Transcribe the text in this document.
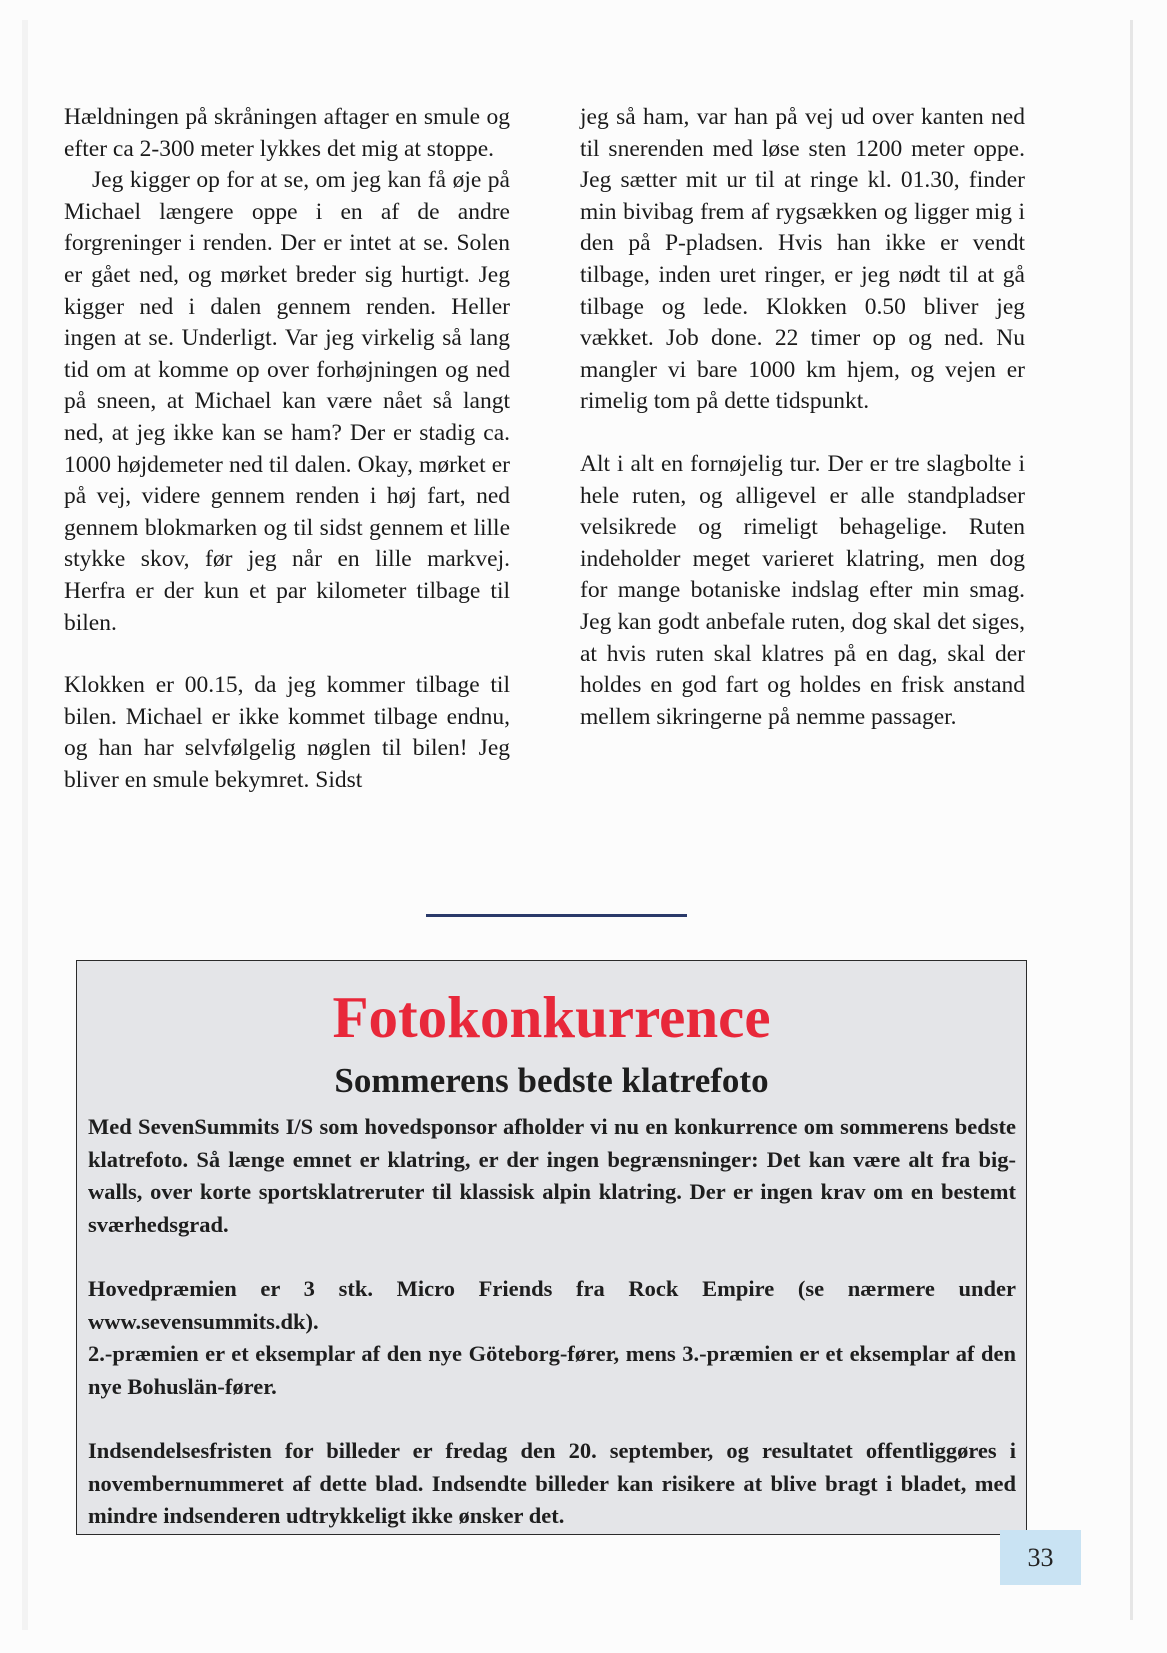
Hældningen på skråningen aftager en smule og efter ca 2-300 meter lykkes det mig at stoppe.

Jeg kigger op for at se, om jeg kan få øje på Michael længere oppe i en af de andre forgreninger i renden. Der er intet at se. Solen er gået ned, og mørket breder sig hurtigt. Jeg kigger ned i dalen gennem renden. Heller ingen at se. Underligt. Var jeg virkelig så lang tid om at komme op over forhøjningen og ned på sneen, at Michael kan være nået så langt ned, at jeg ikke kan se ham? Der er stadig ca. 1000 højdemeter ned til dalen. Okay, mørket er på vej, videre gennem renden i høj fart, ned gennem blokmarken og til sidst gennem et lille stykke skov, før jeg når en lille markvej. Herfra er der kun et par kilometer tilbage til bilen.

Klokken er 00.15, da jeg kommer tilbage til bilen. Michael er ikke kommet tilbage endnu, og han har selvfølgelig nøglen til bilen! Jeg bliver en smule bekymret. Sidst

jeg så ham, var han på vej ud over kanten ned til snerenden med løse sten 1200 meter oppe. Jeg sætter mit ur til at ringe kl. 01.30, finder min bivibag frem af rygsækken og ligger mig i den på P-pladsen. Hvis han ikke er vendt tilbage, inden uret ringer, er jeg nødt til at gå tilbage og lede. Klokken 0.50 bliver jeg vækket. Job done. 22 timer op og ned. Nu mangler vi bare 1000 km hjem, og vejen er rimelig tom på dette tidspunkt.

Alt i alt en fornøjelig tur. Der er tre slagbolte i hele ruten, og alligevel er alle standpladser velsikrede og rimeligt behagelige. Ruten indeholder meget varieret klatring, men dog for mange botaniske indslag efter min smag. Jeg kan godt anbefale ruten, dog skal det siges, at hvis ruten skal klatres på en dag, skal der holdes en god fart og holdes en frisk anstand mellem sikringerne på nemme passager.

Fotokonkurrence
Sommerens bedste klatrefoto

Med SevenSummits I/S som hovedsponsor afholder vi nu en konkurrence om sommerens bedste klatrefoto. Så længe emnet er klatring, er der ingen begrænsninger: Det kan være alt fra big-walls, over korte sportsklatreruter til klassisk alpin klatring. Der er ingen krav om en bestemt sværhedsgrad.

Hovedpræmien er 3 stk. Micro Friends fra Rock Empire (se nærmere under www.sevensummits.dk).

2.-præmien er et eksemplar af den nye Göteborg-fører, mens 3.-præmien er et eksemplar af den nye Bohuslän-fører.

Indsendelsesfristen for billeder er fredag den 20. september, og resultatet offentliggøres i novembernummeret af dette blad. Indsendte billeder kan risikere at blive bragt i bladet, med mindre indsenderen udtrykkeligt ikke ønsker det.

33
